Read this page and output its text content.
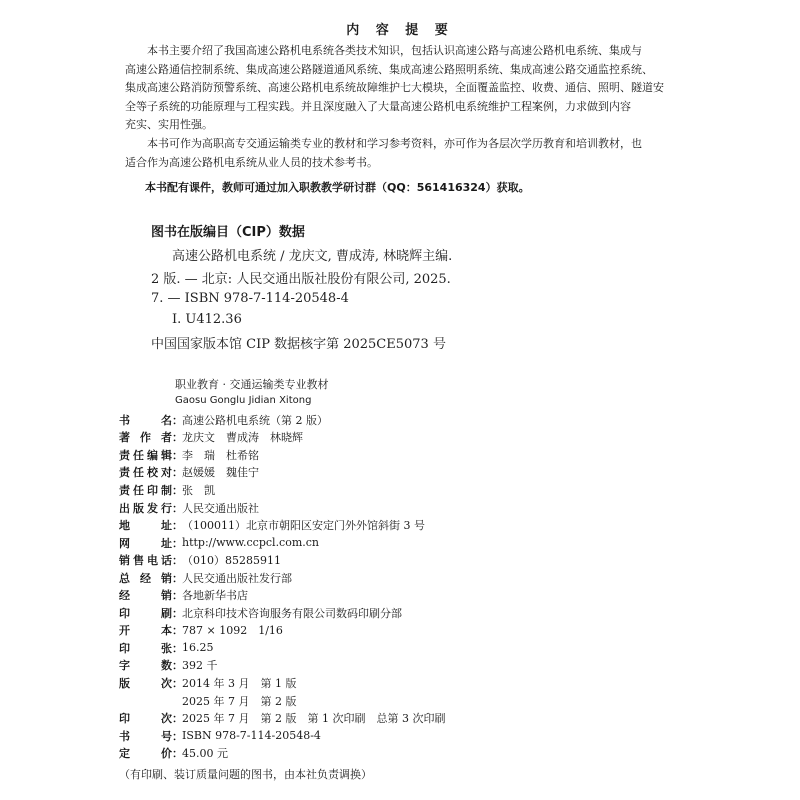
内 容 提 要

本书主要介绍了我国高速公路机电系统各类技术知识，包括认识高速公路与高速公路机电系统、集成与
高速公路通信控制系统、集成高速公路隧道通风系统、集成高速公路照明系统、集成高速公路交通监控系统、
集成高速公路消防预警系统、高速公路机电系统故障维护七大模块，全面覆盖监控、收费、通信、照明、隧道安
全等子系统的功能原理与工程实践。并且深度融入了大量高速公路机电系统维护工程案例，力求做到内容
充实、实用性强。

本书可作为高职高专交通运输类专业的教材和学习参考资料，亦可作为各层次学历教育和培训教材，也
适合作为高速公路机电系统从业人员的技术参考书。

本书配有课件，教师可通过加入职教教学研讨群（QQ：561416324）获取。
图书在版编目（CIP）数据
高速公路机电系统 / 龙庆文, 曹成涛, 林晓辉主编.
2 版. — 北京: 人民交通出版社股份有限公司, 2025.
7. — ISBN 978-7-114-20548-4
Ⅰ. U412.36
中国国家版本馆 CIP 数据核字第 2025CE5073 号
职业教育 · 交通运输类专业教材
Gaosu Gonglu Jidian Xitong
书	名 ： 高速公路机电系统（第 2 版）
著 作 者 ： 龙庆文　曹成涛　林晓辉
责 任 编 辑 ： 李　瑞　杜希铭
责 任 校 对 ： 赵媛媛　魏佳宁
责 任 印 制 ： 张　凯
出 版 发 行 ： 人民交通出版社
地	址 ： （100011）北京市朝阳区安定门外外馆斜街 3 号
网	址 ： http://www.ccpcl.com.cn
销 售 电 话 ： （010）85285911
总 经 销 ： 人民交通出版社发行部
经	销 ： 各地新华书店
印	刷 ： 北京科印技术咨询服务有限公司数码印刷分部
开	本 ： 787 × 1092　1/16
印	张 ： 16.25
字	数 ： 392 千
版	次 ： 2014 年 3 月　第 1 版
2025 年 7 月　第 2 版
印	次 ： 2025 年 7 月　第 2 版　第 1 次印刷　总第 3 次印刷
书	号 ： ISBN 978-7-114-20548-4
定	价 ： 45.00 元
（有印刷、装订质量问题的图书，由本社负责调换）
